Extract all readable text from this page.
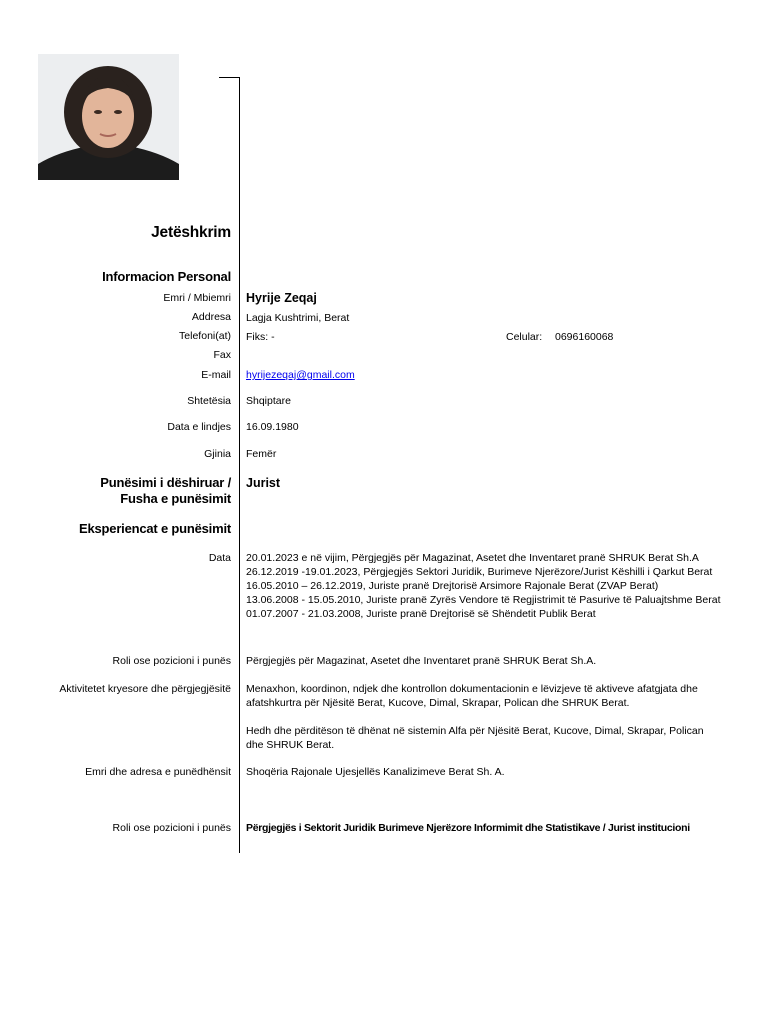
Jetëshkrim
Informacion Personal
Emri / Mbiemri Hyrije Zeqaj
Addresa Lagja Kushtrimi, Berat
Telefoni(at) Fiks: -	Celular: 0696160068
Fax
E-mail hyrijezeqaj@gmail.com
Shtetësia Shqiptare
Data e lindjes 16.09.1980
Gjinia Femër
Punësimi i dëshiruar /
Fusha e punësimit
Jurist
Eksperiencat e punësimit
Data 20.01.2023 e në vijim, Përgjegjës për Magazinat, Asetet dhe Inventaret pranë SHRUK Berat Sh.A
26.12.2019 -19.01.2023, Përgjegjës Sektori Juridik, Burimeve Njerëzore/Jurist Këshilli i Qarkut Berat
16.05.2010 – 26.12.2019, Juriste pranë Drejtorisë Arsimore Rajonale Berat (ZVAP Berat)
13.06.2008 - 15.05.2010, Juriste pranë Zyrës Vendore të Regjistrimit të Pasurive të Paluajtshme Berat
01.07.2007 - 21.03.2008, Juriste pranë Drejtorisë së Shëndetit Publik Berat
Roli ose pozicioni i punës Përgjegjës për Magazinat, Asetet dhe Inventaret pranë SHRUK Berat Sh.A.
Aktivitetet kryesore dhe përgjegjësitë Menaxhon, koordinon, ndjek dhe kontrollon dokumentacionin e lëvizjeve të aktiveve afatgjata dhe
afatshkurtra për Njësitë Berat, Kucove, Dimal, Skrapar, Polican dhe SHRUK Berat.
Hedh dhe përditëson të dhënat në sistemin Alfa për Njësitë Berat, Kucove, Dimal, Skrapar, Polican
dhe SHRUK Berat.
Emri dhe adresa e punëdhënsit Shoqëria Rajonale Ujesjellës Kanalizimeve Berat Sh. A.
Roli ose pozicioni i punës Përgjegjës i Sektorit Juridik Burimeve Njerëzore Informimit dhe Statistikave / Jurist institucioni
